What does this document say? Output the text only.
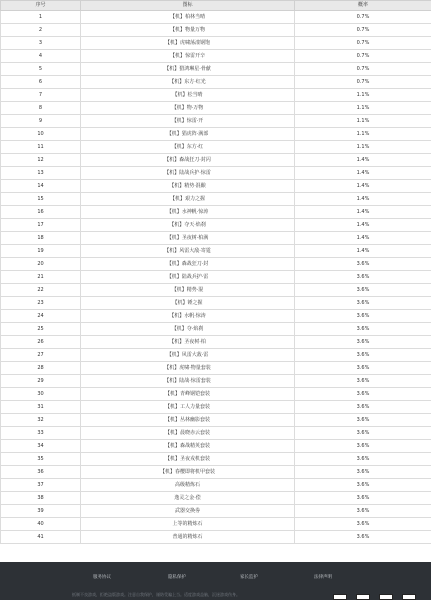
序号	图标	概率
1	【机】柏林当晴	0.7%
2	【机】物量万物	0.7%
3	【机】虎啸荡漾钢饱	0.7%
4	【机】惊雷开辛	0.7%
5	【机】猎鸿琳星·骨献	0.7%
6	【机】东方·红光	0.7%
7	【机】松当晴	1.1%
8	【机】物·万物	1.1%
9	【机】惊雷·开	1.1%
10	【机】猖虎阵·满部	1.1%
11	【机】东方·红	1.1%
12	【机】森战狂刀·封闪	1.4%
13	【机】陆战兵护·惊雷	1.4%
14	【机】精势·混酿	1.4%
15	【机】艰力之握	1.4%
16	【机】水神帆·惊涛	1.4%
17	【机】夺天·焰刹	1.4%
18	【机】圣夜树·柏满	1.4%
19	【机】风雷大敌·寄霆	1.4%
20	【机】森战狂刀·封	3.6%
21	【机】陆战兵护·雷	3.6%
22	【机】精势·混	3.6%
23	【机】锤之握	3.6%
24	【机】水帆·惊涛	3.6%
25	【机】夺·焰刹	3.6%
26	【机】圣夜树·柏	3.6%
27	【机】风雷大敌·雷	3.6%
28	【机】虎啸·物量套装	3.6%
29	【机】陆战·惊雷套装	3.6%
30	【机】青峰钢铠套装	3.6%
31	【机】工人力量套装	3.6%
32	【机】丛林幽影套装	3.6%
33	【机】晨晓赤云套装	3.6%
34	【机】森战精英套装	3.6%
35	【机】圣夜戎机套装	3.6%
36	【机】春樱即将机甲套装	3.6%
37	高级精炼石	3.6%
38	逸灵之金·偿	3.6%
39	武器交换劵	3.6%
40	上等的精炼石	3.6%
41	普通的精炼石	3.6%
服务协议	隐私保护	家长监护	法律声明
抵制不良游戏，拒绝盗版游戏。注意自我保护，谨防受骗上当。适度游戏益脑，沉迷游戏伤身。
